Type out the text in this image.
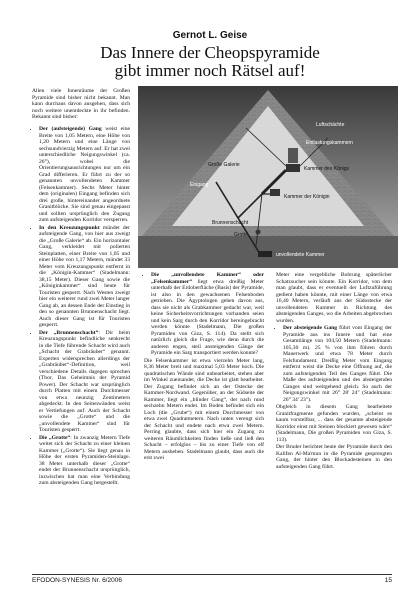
Gernot L. Geise
Das Innere der Cheopspyramide
gibt immer noch Rätsel auf!

Allen viele Innenräume der Großen Pyramide sind bisher nicht bekannt. Man kann durchaus davon ausgehen, dass sich noch weitere unentdeckte in ihr befinden. Bekannt sind bisher:

• Der (aufsteigende) Gang weist eine Breite von 1,05 Metern, eine Höhe von 1,20 Metern und eine Länge von sechsundvierzig Metern auf. Er hat zwei unterschiedliche Neigungswinkel (ca. 26°), wobei die Orientierungsausrichtungen nur um ein Grad differieren. Er führt zu der so genannten unvollendeten Kammer (Felsenkammer). Sechs Meter hinter dem (originalen) Eingang befinden sich drei große, hintereinander angeordnete Granitblöcke. Sie sind genau eingepasst und sollten ursprünglich den Zugang zum aufsteigenden Korridor versperren.
• In den Kreuzungspunkt mündet der aufsteigende Gang, von hier aus zweigt die „Große Galerie“ ab. Ein horizontaler Gang, verkleidet mit polierten Steinplatten, einer Breite von 1,05 und einer Höhe von 1,17 Metern, mündet 33 Meter vom Kreuzungspunkt entfernt in die „Königin-Kammer“ (Stadelmann: 38,15 Meter). Dieser Gang sowie die „Königinkammer“ sind heute für Touristen gesperrt. Nach Westen zweigt hier ein weiterer rund zwei Meter langer Gang ab, an dessen Ende der Einstieg in den so genannten Brunnenschacht liegt. Auch dieser Gang ist für Touristen gesperrt.
• Der „Brunnenschacht“: Dir beim Kreuzungspunkt befindliche senkrecht in die Tiefe führende Schacht wird auch „Schacht der Grabräuber“ genannt. Experten widersprechen allerdings der „Grabräuber“-Definition, weil verschiedene Details dagegen sprechen (Thor, Das Geheimnis der Pyramid Power). Der Schacht war ursprünglich durch Platten mit einem Durchmesser von etwa neunzig Zentimetern abgedeckt. In den Seitenwänden weist er Vertiefungen auf. Auch der Schacht sowie die „Grotte“ und die „unvollendete Kammer“ sind für Touristen gesperrt.
• Die „Grotte“: In zwanzig Metern Tiefe weitet sich der Schacht zu einer kleinen Kammer („Grotte“). Sie liegt genau in Höhe der ersten Pyramiden-Steinlage. 38 Meter unterhalb dieser „Grotte“ endet der Brunnenschacht ursprünglich, inzwischen hat man eine Verbindung zum absteigenden Gang hergestellt.
Eingang
Luftschächte
Entlastungskammern
Kammer des Königs
Große Galerie
Kammer der Königin
Brunnenschacht
Grotte
unvollendete Kammer
• Die „unvollendete Kammer“ oder „Felsenkammer“ liegt etwa dreißig Meter unterhalb der Erdoberfläche (Basis) der Pyramide, ist also in den gewachsenen Felsenboden getrieben. Die Ägyptologen gehen davon aus, dass sie nicht als Grabkammer gedacht war, weil keine Sicherheitsvorrichtungen vorhanden seien und kein Sarg durch den Korridor hereingebracht werden könnte (Stadelmann, Die großen Pyramiden von Giza, S. 114). Da stellt sich natürlich gleich die Frage, wie denn durch die anderen engen, steil ansteigenden Gänge der Pyramide ein Sarg transportiert werden konnte?

Die Felsenkammer ist etwa vierzehn Meter lang, 8,36 Meter breit und maximal 5,03 Meter hoch. Die quadratischen Wände sind unbearbeitet, stehen aber im Winkel zueinander, die Decke ist glatt bearbeitet. Der Zugang befindet sich an der Ostecke der Kammer-Nordwand. Gegenüber, an der Südseite der Kammer, liegt ein „blinder Gang“, der nach rund sechzehn Metern endet. Im Boden befindet sich ein Loch (die „Grube“) mit einem Durchmesser von etwa zwei Quadratmetern. Nach unten verengt sich der Schacht und endete nach etwa zwei Metern. Perring glaubte, dass sich hier ein Zugang zu weiteren Räumlichkeiten finden ließe und ließ den Schacht – erfolglos – bis zu einer Tiefe von elf Metern ausheben. Stadelmann glaubt, dass auch die erst zwei

Meter eine vergebliche Bohrung späterlicher Schatzsucher sein könnte. Ein Korridor, von dem man glaubt, dass er eventuell der Luftzuführung gedient haben könnte, mit einer Länge von etwa 16,40 Metern, verläuft aus der Südostecke der unvollendeten Kammer in Richtung des absteigenden Ganges, wo die Arbeiten abgebrochen wurden.

• Der absteigende Gang führt vom Eingang der Pyramide aus ins Innere und hat eine Gesamtlänge von 104,50 Metern (Stadelmann: 105,30 m). 25 % von ihm führen durch Mauerwerk und etwa 78 Meter durch Felsfundament. Dreißig Meter vom Eingang entfernt weist die Decke eine Öffnung auf, die zum aufsteigenden Teil des Ganges führt. Die Maße des aufsteigenden und des absteigenden Ganges sind weitgehend gleich. So auch der Neigungswinkel mit 26° 28' 24" (Stadelmann: 26° 34' 23").

Obgleich in diesem Gang bearbeitete Granitfragmente gefunden wurden, „scheint es kaum vorstellbar, ... dass der gesamte absteigende Korridor einst mit Steinen blockiert gewesen wäre“ (Stadelmann, Die großen Pyramiden von Giza, S. 113).

Der Bruder berichtet heute der Pyramide durch den Kalifen Al-Ma'mun in die Pyramide gesprengten Gang, der hinter den Blockadesteinen in den aufsteigenden Gang führt.

EFODON-SYNESIS Nr. 6/2006	15
